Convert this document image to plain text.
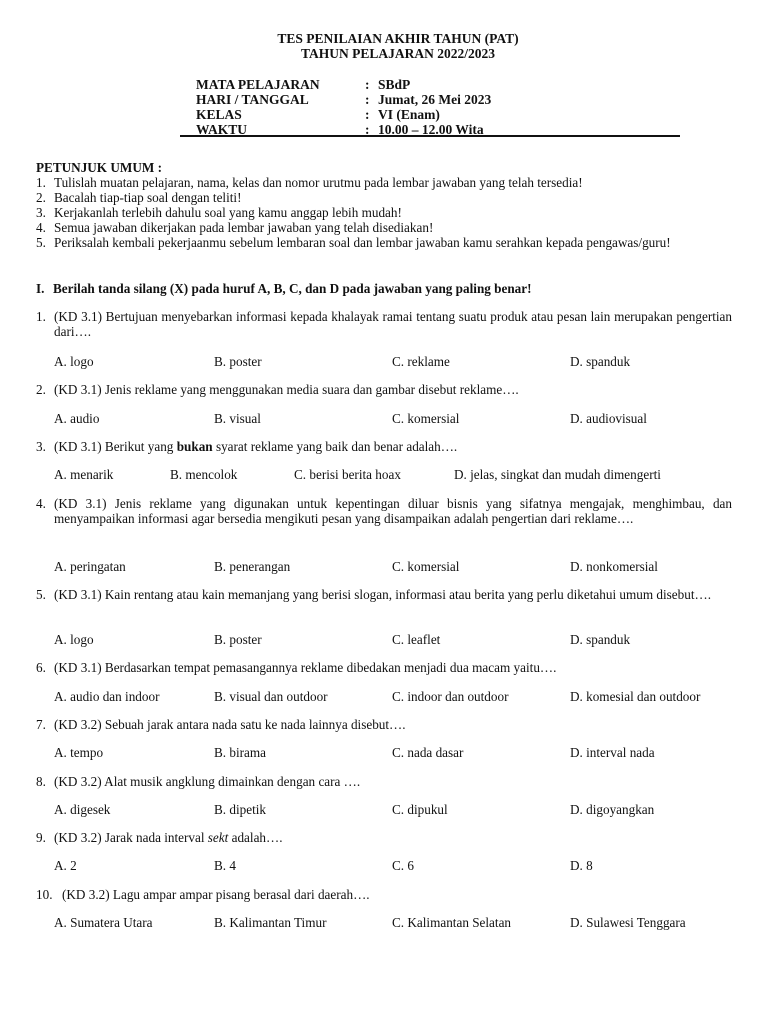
TES PENILAIAN AKHIR TAHUN (PAT)
TAHUN PELAJARAN 2022/2023
MATA PELAJARAN	: SBdP
HARI / TANGGAL	: Jumat, 26 Mei 2023
KELAS	: VI (Enam)
WAKTU	: 10.00 – 12.00 Wita
PETUNJUK UMUM :
1. Tulislah muatan pelajaran, nama, kelas dan nomor urutmu pada lembar jawaban yang telah tersedia!
2. Bacalah tiap-tiap soal dengan teliti!
3. Kerjakanlah terlebih dahulu soal yang kamu anggap lebih mudah!
4. Semua jawaban dikerjakan pada lembar jawaban yang telah disediakan!
5. Periksalah kembali pekerjaanmu sebelum lembaran soal dan lembar jawaban kamu serahkan kepada pengawas/guru!
I. Berilah tanda silang (X) pada huruf A, B, C, dan D pada jawaban yang paling benar!
1. (KD 3.1) Bertujuan menyebarkan informasi kepada khalayak ramai tentang suatu produk atau pesan lain merupakan pengertian dari….
A. logo	B. poster	C. reklame	D. spanduk
2. (KD 3.1) Jenis reklame yang menggunakan media suara dan gambar disebut reklame….
A. audio	B. visual	C. komersial	D. audiovisual
3. (KD 3.1) Berikut yang bukan syarat reklame yang baik dan benar adalah….
A. menarik	B. mencolok	C. berisi berita hoax	D. jelas, singkat dan mudah dimengerti
4. (KD 3.1) Jenis reklame yang digunakan untuk kepentingan diluar bisnis yang sifatnya mengajak, menghimbau, dan menyampaikan informasi agar bersedia mengikuti pesan yang disampaikan adalah pengertian dari reklame….
A. peringatan	B. penerangan	C. komersial	D. nonkomersial
5. (KD 3.1) Kain rentang atau kain memanjang yang berisi slogan, informasi atau berita yang perlu diketahui umum disebut….
A. logo	B. poster	C. leaflet	D. spanduk
6. (KD 3.1) Berdasarkan tempat pemasangannya reklame dibedakan menjadi dua macam yaitu….
A. audio dan indoor	B. visual dan outdoor	C. indoor dan outdoor	D. komesial dan outdoor
7. (KD 3.2) Sebuah jarak antara nada satu ke nada lainnya disebut….
A. tempo	B. birama	C. nada dasar	D. interval nada
8. (KD 3.2) Alat musik angklung dimainkan dengan cara ….
A. digesek	B. dipetik	C. dipukul	D. digoyangkan
9. (KD 3.2) Jarak nada interval sekt adalah….
A. 2	B. 4	C. 6	D. 8
10. (KD 3.2) Lagu ampar ampar pisang berasal dari daerah….
A. Sumatera Utara	B. Kalimantan Timur	C. Kalimantan Selatan	D. Sulawesi Tenggara
